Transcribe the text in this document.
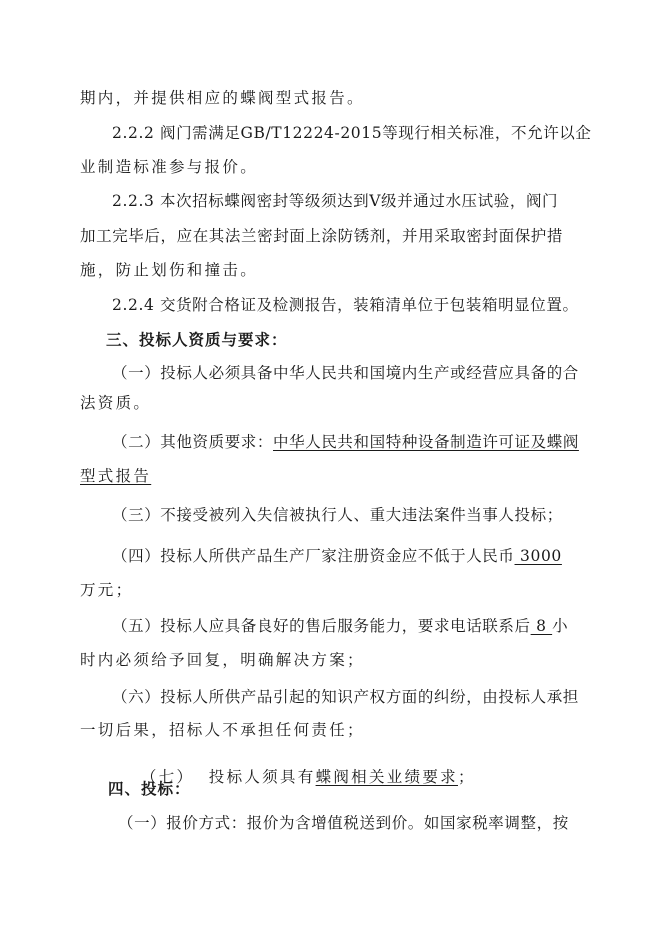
期内，并提供相应的蝶阀型式报告。
2.2.2 阀门需满足GB/T12224-2015等现行相关标准，不允许以企
业制造标准参与报价。
2.2.3 本次招标蝶阀密封等级须达到Ⅴ级并通过水压试验，阀门
加工完毕后，应在其法兰密封面上涂防锈剂，并用采取密封面保护措
施，防止划伤和撞击。
2.2.4 交货附合格证及检测报告，装箱清单位于包装箱明显位置。
三、投标人资质与要求：
（一）投标人必须具备中华人民共和国境内生产或经营应具备的合
法资质。
（二）其他资质要求：中华人民共和国特种设备制造许可证及蝶阀
型式报告
（三）不接受被列入失信被执行人、重大违法案件当事人投标；
（四）投标人所供产品生产厂家注册资金应不低于人民币 3000
万元；
（五）投标人应具备良好的售后服务能力，要求电话联系后 8 小
时内必须给予回复，明确解决方案；
（六）投标人所供产品引起的知识产权方面的纠纷，由投标人承担
一切后果，招标人不承担任何责任；

（七）  投标人须具有蝶阀相关业绩要求；

四、投标：
（一）报价方式：报价为含增值税送到价。如国家税率调整，按
